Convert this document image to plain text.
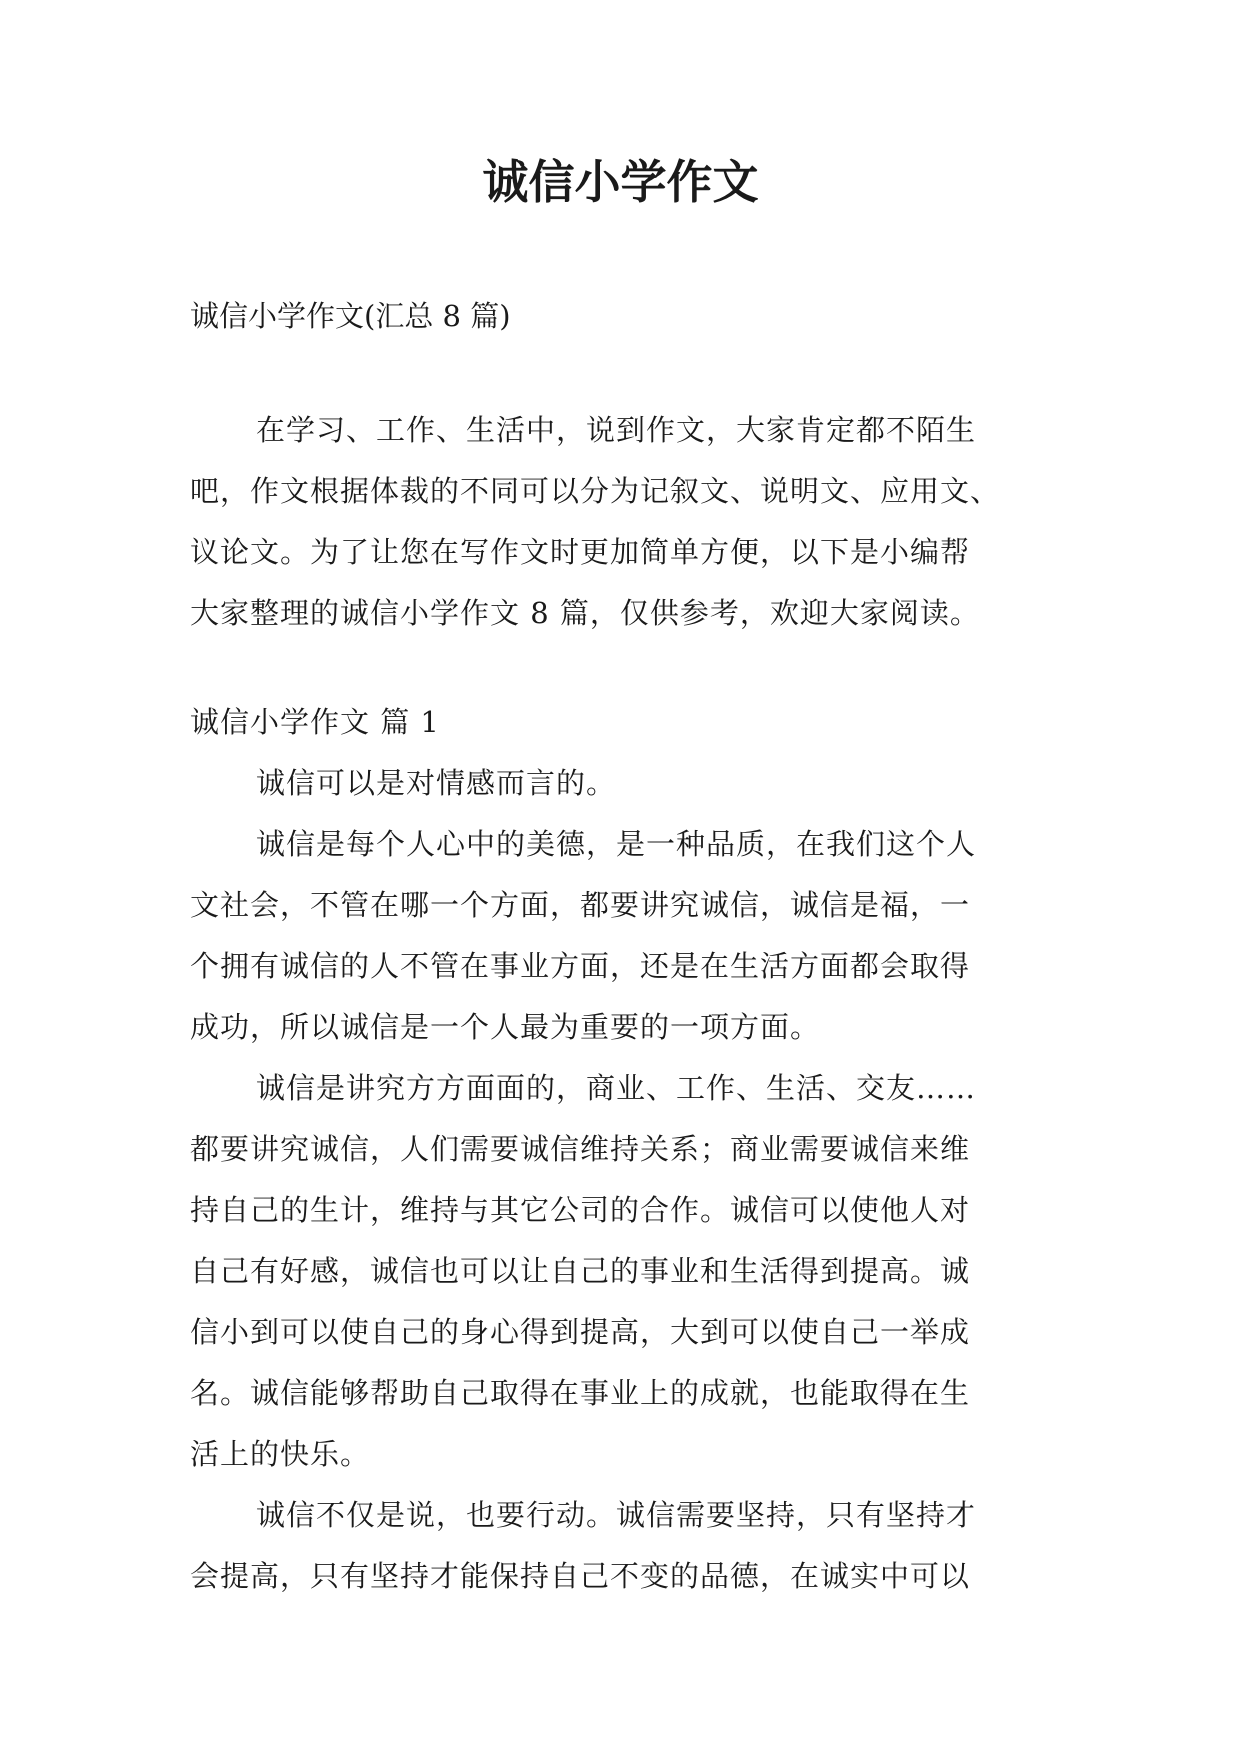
诚信小学作文

诚信小学作文(汇总 8 篇)

在学习、工作、生活中，说到作文，大家肯定都不陌生
吧，作文根据体裁的不同可以分为记叙文、说明文、应用文、
议论文。为了让您在写作文时更加简单方便，以下是小编帮
大家整理的诚信小学作文 8 篇，仅供参考，欢迎大家阅读。
诚信小学作文 篇 1
诚信可以是对情感而言的。
诚信是每个人心中的美德，是一种品质，在我们这个人
文社会，不管在哪一个方面，都要讲究诚信，诚信是福，一
个拥有诚信的人不管在事业方面，还是在生活方面都会取得
成功，所以诚信是一个人最为重要的一项方面。
诚信是讲究方方面面的，商业、工作、生活、交友……
都要讲究诚信，人们需要诚信维持关系；商业需要诚信来维
持自己的生计，维持与其它公司的合作。诚信可以使他人对
自己有好感，诚信也可以让自己的事业和生活得到提高。诚
信小到可以使自己的身心得到提高，大到可以使自己一举成
名。诚信能够帮助自己取得在事业上的成就，也能取得在生
活上的快乐。
诚信不仅是说，也要行动。诚信需要坚持，只有坚持才
会提高，只有坚持才能保持自己不变的品德，在诚实中可以
